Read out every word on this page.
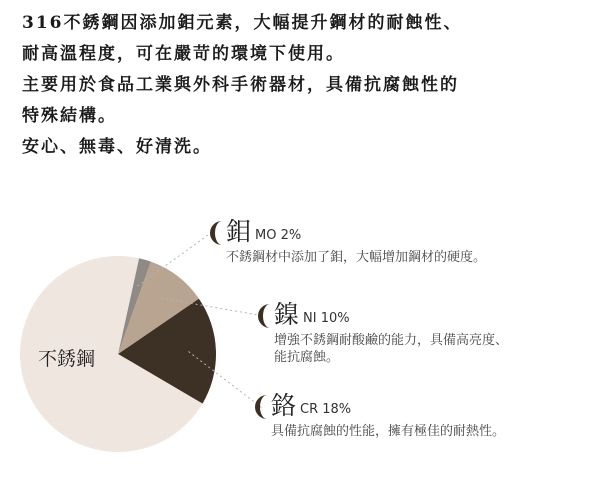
316不銹鋼因添加鉬元素，大幅提升鋼材的耐蝕性、
耐高溫程度，可在嚴苛的環境下使用。
主要用於食品工業與外科手術器材，具備抗腐蝕性的
特殊結構。
安心、無毒、好清洗。
不銹鋼
鉬 MO 2%
不銹鋼材中添加了鉬，大幅增加鋼材的硬度。
鎳 NI 10%
增強不銹鋼耐酸鹼的能力，具備高亮度、
能抗腐蝕。
鉻 CR 18%
具備抗腐蝕的性能，擁有極佳的耐熱性。
